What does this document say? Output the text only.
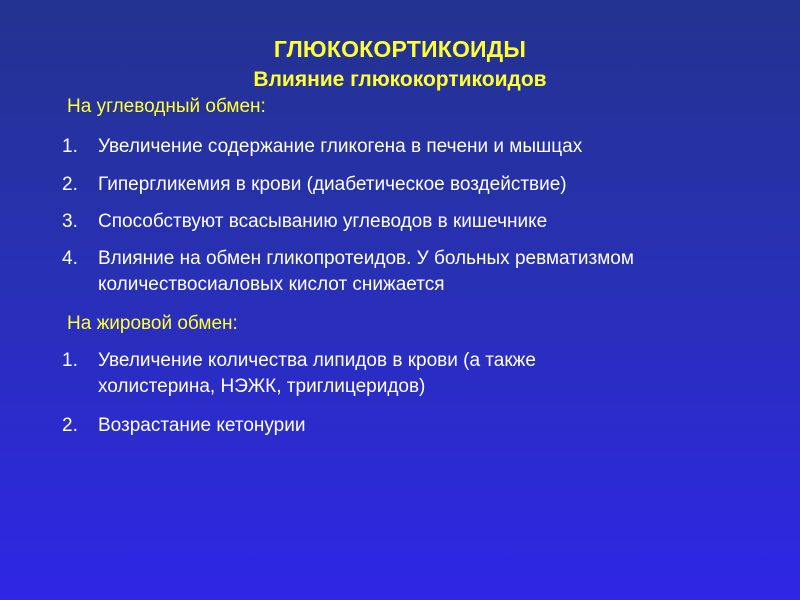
ГЛЮКОКОРТИКОИДЫ
Влияние глюкокортикоидов
На углеводный обмен:
1. Увеличение содержание гликогена в печени и мышцах
2. Гипергликемия в крови (диабетическое воздействие)
3. Способствуют всасыванию углеводов в кишечнике
4. Влияние на обмен гликопротеидов. У больных ревматизмом количествосиаловых кислот снижается
На жировой обмен:
1. Увеличение количества липидов в крови (а также холистерина, НЭЖК, триглицеридов)
2. Возрастание кетонурии
